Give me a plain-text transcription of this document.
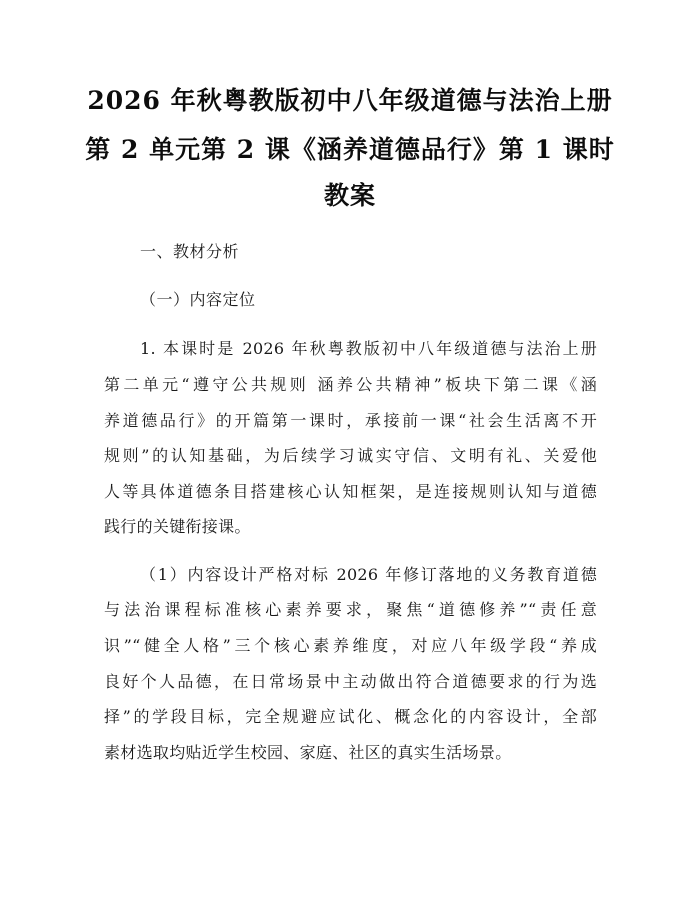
2026 年秋粤教版初中八年级道德与法治上册
第 2 单元第 2 课《涵养道德品行》第 1 课时
教案
一、教材分析
（一）内容定位
1. 本课时是 2026 年秋粤教版初中八年级道德与法治上册
第二单元“遵守公共规则 涵养公共精神”板块下第二课《涵
养道德品行》的开篇第一课时，承接前一课“社会生活离不开
规则”的认知基础，为后续学习诚实守信、文明有礼、关爱他
人等具体道德条目搭建核心认知框架，是连接规则认知与道德
践行的关键衔接课。
（1）内容设计严格对标 2026 年修订落地的义务教育道德
与法治课程标准核心素养要求，聚焦“道德修养”“责任意
识”“健全人格”三个核心素养维度，对应八年级学段“养成
良好个人品德，在日常场景中主动做出符合道德要求的行为选
择”的学段目标，完全规避应试化、概念化的内容设计，全部
素材选取均贴近学生校园、家庭、社区的真实生活场景。
